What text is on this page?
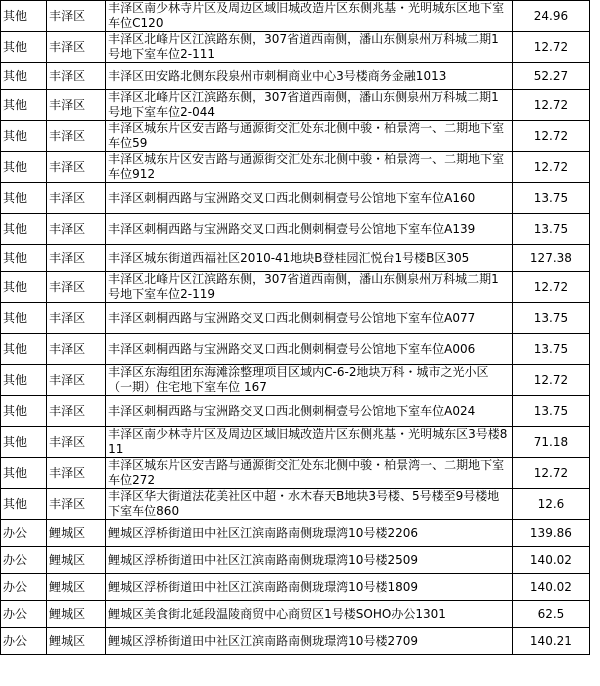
其他	丰泽区	丰泽区南少林寺片区及周边区域旧城改造片区东侧兆基・光明城东区地下室车位C120	24.96
其他	丰泽区	丰泽区北峰片区江滨路东侧，307省道西南侧，潘山东侧泉州万科城二期1号地下室车位2-111	12.72
其他	丰泽区	丰泽区田安路北侧东段泉州市刺桐商业中心3号楼商务金融1013	52.27
其他	丰泽区	丰泽区北峰片区江滨路东侧，307省道西南侧，潘山东侧泉州万科城二期1号地下室车位2-044	12.72
其他	丰泽区	丰泽区城东片区安吉路与通源街交汇处东北侧中骏・柏景湾一、二期地下室车位59	12.72
其他	丰泽区	丰泽区城东片区安吉路与通源街交汇处东北侧中骏・柏景湾一、二期地下室车位912	12.72
其他	丰泽区	丰泽区刺桐西路与宝洲路交叉口西北侧刺桐壹号公馆地下室车位A160	13.75
其他	丰泽区	丰泽区刺桐西路与宝洲路交叉口西北侧刺桐壹号公馆地下室车位A139	13.75
其他	丰泽区	丰泽区城东街道西福社区2010-41地块B登桂园汇悦台1号楼B区305	127.38
其他	丰泽区	丰泽区北峰片区江滨路东侧，307省道西南侧，潘山东侧泉州万科城二期1号地下室车位2-119	12.72
其他	丰泽区	丰泽区刺桐西路与宝洲路交叉口西北侧刺桐壹号公馆地下室车位A077	13.75
其他	丰泽区	丰泽区刺桐西路与宝洲路交叉口西北侧刺桐壹号公馆地下室车位A006	13.75
其他	丰泽区	丰泽区东海组团东海滩涂整理项目区域内C-6-2地块万科・城市之光小区（一期）住宅地下室车位 167	12.72
其他	丰泽区	丰泽区刺桐西路与宝洲路交叉口西北侧刺桐壹号公馆地下室车位A024	13.75
其他	丰泽区	丰泽区南少林寺片区及周边区域旧城改造片区东侧兆基・光明城东区3号楼811	71.18
其他	丰泽区	丰泽区城东片区安吉路与通源街交汇处东北侧中骏・柏景湾一、二期地下室车位272	12.72
其他	丰泽区	丰泽区华大街道法花美社区中超・水木春天B地块3号楼、5号楼至9号楼地下室车位860	12.6
办公	鲤城区	鲤城区浮桥街道田中社区江滨南路南侧珑璟湾10号楼2206	139.86
办公	鲤城区	鲤城区浮桥街道田中社区江滨南路南侧珑璟湾10号楼2509	140.02
办公	鲤城区	鲤城区浮桥街道田中社区江滨南路南侧珑璟湾10号楼1809	140.02
办公	鲤城区	鲤城区美食街北延段温陵商贸中心商贸区1号楼SOHO办公1301	62.5
办公	鲤城区	鲤城区浮桥街道田中社区江滨南路南侧珑璟湾10号楼2709	140.21
